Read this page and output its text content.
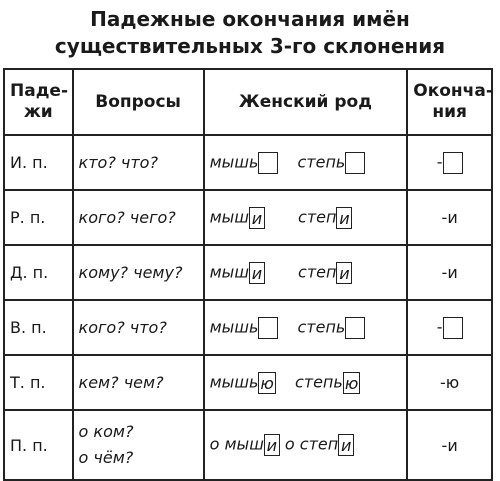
Падежные окончания имён
существительных 3-го склонения
Паде-
жи	Вопросы	Женский род	Оконча-
ния
И. п.	кто? что?	мышь степь	-
Р. п.	кого? чего?	мыш и степ и	-и
Д. п.	кому? чему?	мыш и степ и	-и
В. п.	кого? что?	мышь степь	-
Т. п.	кем? чем?	мышь ю степь ю	-ю
П. п.	о ком?
о чём?	о мыш и о степ и	-и
